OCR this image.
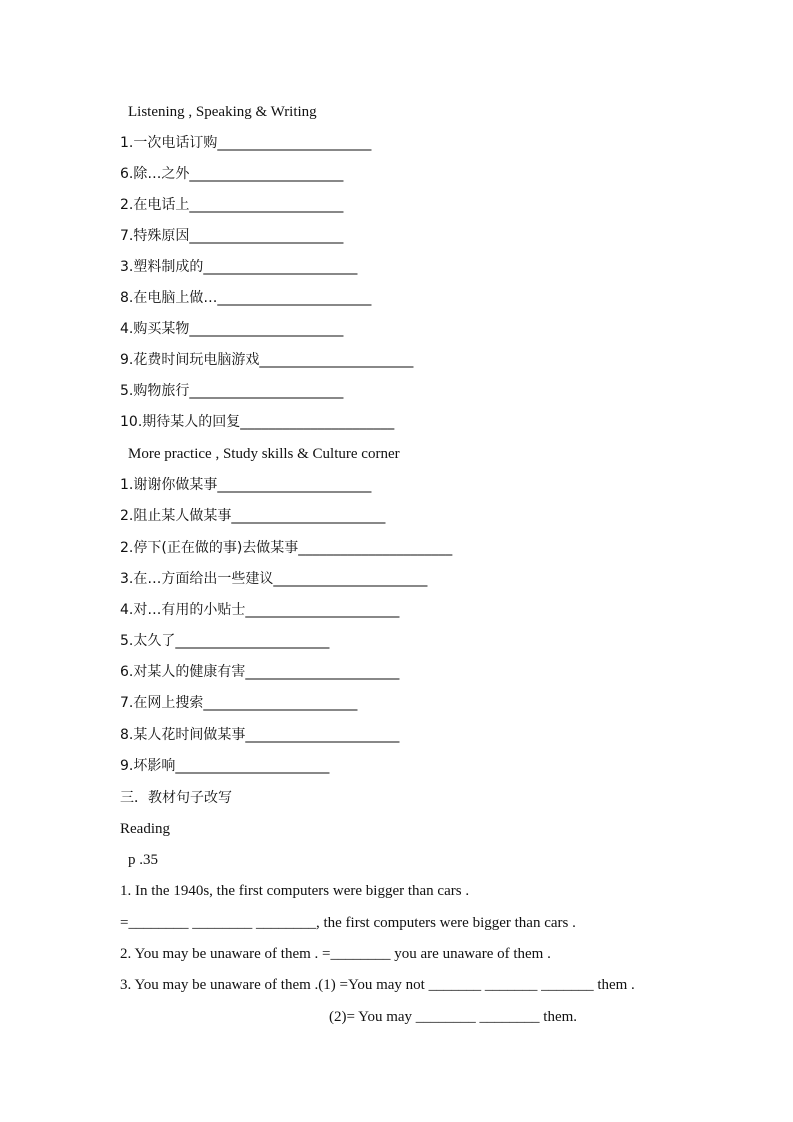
Listening , Speaking & Writing
1.一次电话订购______________________
6.除…之外______________________
2.在电话上______________________
7.特殊原因______________________
3.塑料制成的______________________
8.在电脑上做…______________________
4.购买某物______________________
9.花费时间玩电脑游戏______________________
5.购物旅行______________________
10.期待某人的回复______________________
More practice , Study skills & Culture corner
1.谢谢你做某事______________________
2.阻止某人做某事______________________
2.停下(正在做的事)去做某事______________________
3.在…方面给出一些建议______________________
4.对…有用的小贴士______________________
5.太久了______________________
6.对某人的健康有害______________________
7.在网上搜索______________________
8.某人花时间做某事______________________
9.坏影响______________________
三．教材句子改写
Reading
p .35
1. In the 1940s, the first computers were bigger than cars .
=________ ________ ________, the first computers were bigger than cars .
2. You may be unaware of them . =________ you are unaware of them .
3. You may be unaware of them .(1) =You may not _______ _______ _______ them .
(2)= You may ________ ________ them.
